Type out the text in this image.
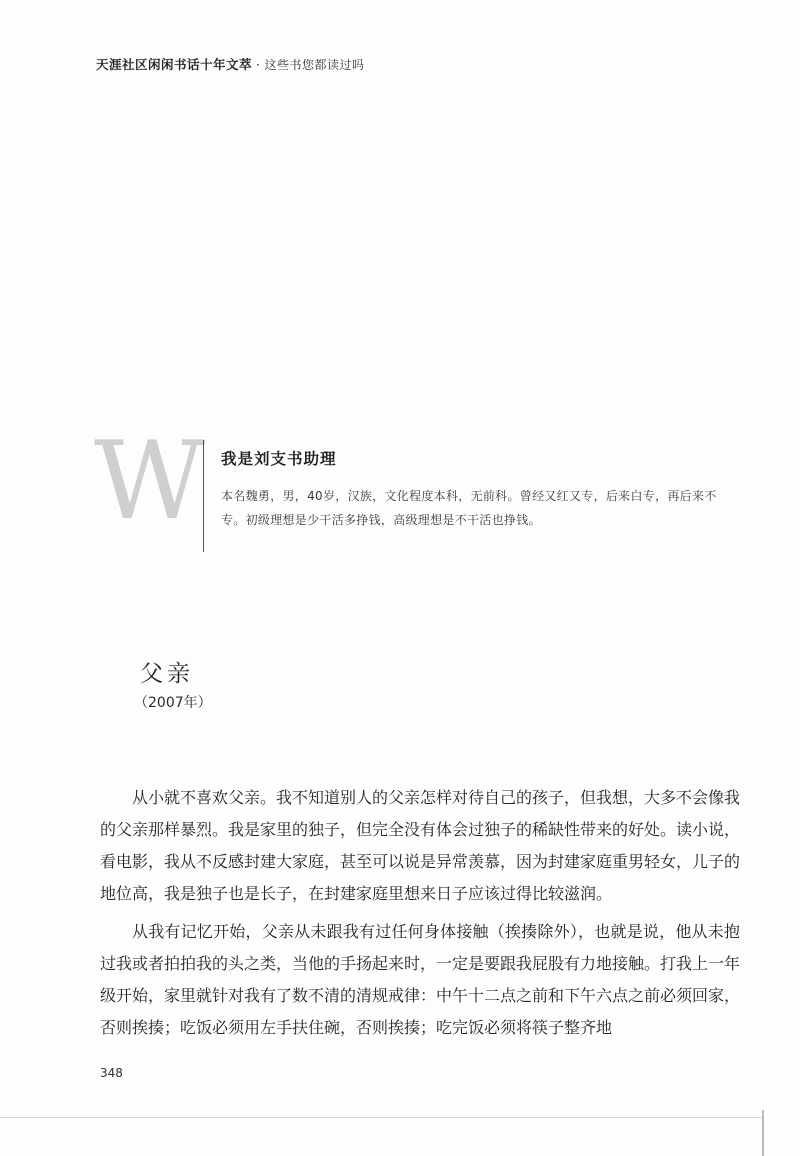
天涯社区闲闲书话十年文萃 · 这些书您都读过吗
W 我是刘支书助理
本名魏勇，男，40岁，汉族，文化程度本科，无前科。曾经又红又专，后来白专，再后来不专。初级理想是少干活多挣钱，高级理想是不干活也挣钱。
父亲
（2007年）

从小就不喜欢父亲。我不知道别人的父亲怎样对待自己的孩子，但我想，大多不会像我的父亲那样暴烈。我是家里的独子，但完全没有体会过独子的稀缺性带来的好处。读小说，看电影，我从不反感封建大家庭，甚至可以说是异常羡慕，因为封建家庭重男轻女，儿子的地位高，我是独子也是长子，在封建家庭里想来日子应该过得比较滋润。

从我有记忆开始，父亲从未跟我有过任何身体接触（挨揍除外），也就是说，他从未抱过我或者拍拍我的头之类，当他的手扬起来时，一定是要跟我屁股有力地接触。打我上一年级开始，家里就针对我有了数不清的清规戒律：中午十二点之前和下午六点之前必须回家，否则挨揍；吃饭必须用左手扶住碗，否则挨揍；吃完饭必须将筷子整齐地

348
